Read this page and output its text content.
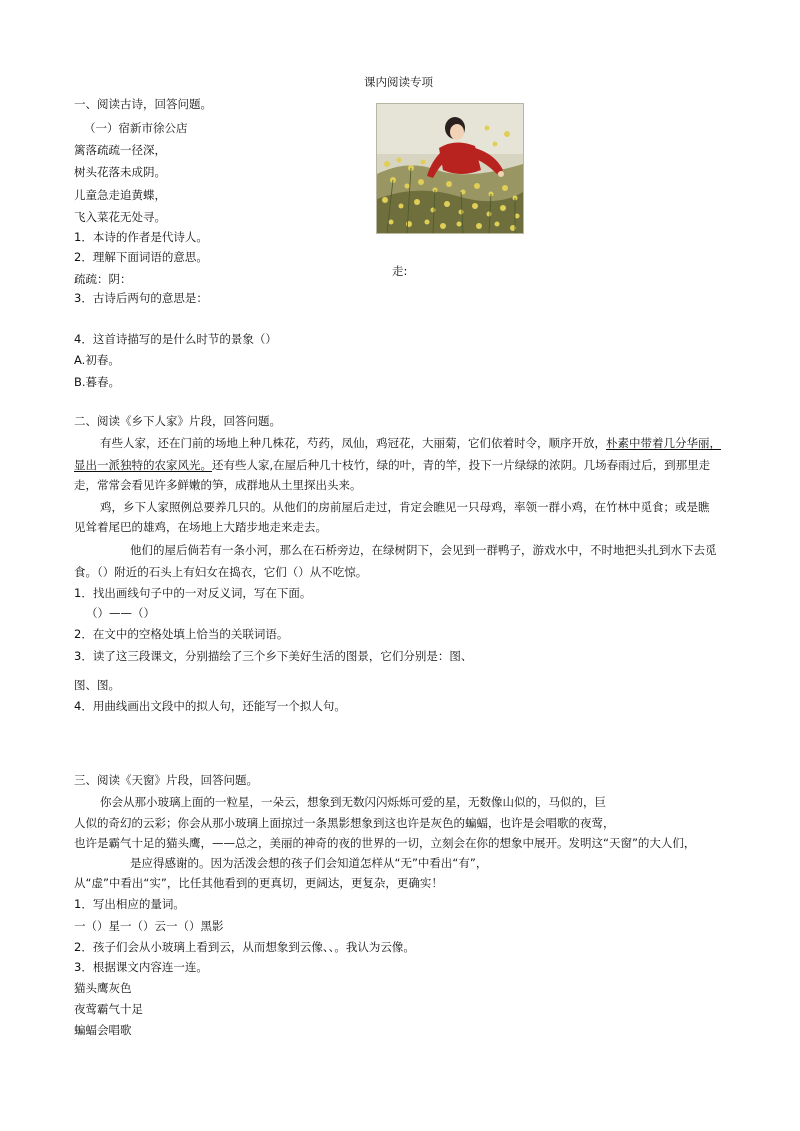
课内阅读专项
一、阅读古诗，回答问题。
（一）宿新市徐公店
篱落疏疏一径深，
树头花落未成阴。
儿童急走追黄蝶，
飞入菜花无处寻。
1．本诗的作者是代诗人。
2．理解下面词语的意思。
走:
疏疏：阴：
3．古诗后两句的意思是：
4．这首诗描写的是什么时节的景象（）
A.初春。
B.暮春。
二、阅读《乡下人家》片段，回答问题。
有些人家，还在门前的场地上种几株花，芍药，凤仙，鸡冠花，大丽菊，它们依着时令，顺序开放，朴素中带着几分华丽，
显出一派独特的农家风光。还有些人家,在屋后种几十枝竹，绿的叶，青的竿，投下一片绿绿的浓阴。几场春雨过后，到那里走
走，常常会看见许多鲜嫩的笋，成群地从土里探出头来。
鸡，乡下人家照例总要养几只的。从他们的房前屋后走过，肯定会瞧见一只母鸡，率领一群小鸡，在竹林中觅食；或是瞧
见耸着尾巴的雄鸡，在场地上大踏步地走来走去。
他们的屋后倘若有一条小河，那么在石桥旁边，在绿树阴下，会见到一群鸭子，游戏水中，不时地把头扎到水下去觅
食。（）附近的石头上有妇女在捣衣，它们（）从不吃惊。
1．找出画线句子中的一对反义词，写在下面。
（）——（）
2．在文中的空格处填上恰当的关联词语。
3．读了这三段课文，分别描绘了三个乡下美好生活的图景，它们分别是：图、
图、图。
4．用曲线画出文段中的拟人句，还能写一个拟人句。
三、阅读《天窗》片段，回答问题。
你会从那小玻璃上面的一粒星，一朵云，想象到无数闪闪烁烁可爱的星，无数像山似的，马似的，巨
人似的奇幻的云彩；你会从那小玻璃上面掠过一条黑影想象到这也许是灰色的蝙蝠，也许是会唱歌的夜莺，
也许是霸气十足的猫头鹰，——总之，美丽的神奇的夜的世界的一切，立刻会在你的想象中展开。发明这“天窗”的大人们，
是应得感谢的。因为活泼会想的孩子们会知道怎样从“无”中看出“有”，
从“虚”中看出“实”，比任其他看到的更真切，更阔达，更复杂，更确实！
1．写出相应的量词。
一（）星一（）云一（）黑影
2．孩子们会从小玻璃上看到云，从而想象到云像、、。我认为云像。
3．根据课文内容连一连。
猫头鹰灰色
夜莺霸气十足
蝙蝠会唱歌
